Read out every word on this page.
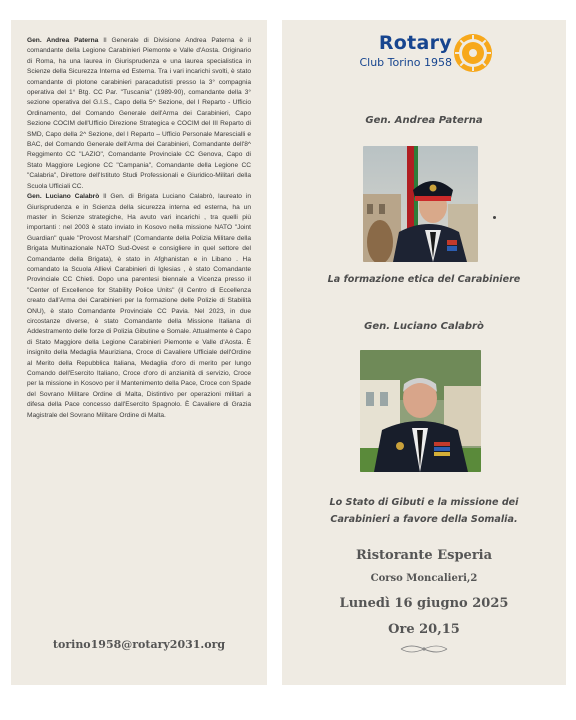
Gen. Andrea Paterna Il Generale di Divisione Andrea Paterna è il comandante della Legione Carabinieri Piemonte e Valle d'Aosta. Originario di Roma, ha una laurea in Giurisprudenza e una laurea specialistica in Scienze della Sicurezza Interna ed Esterna. Tra i vari incarichi svolti, è stato comandante di plotone carabinieri paracadutisti presso la 3° compagnia operativa del 1° Btg. CC Par. "Tuscania" (1989-90), comandante della 3° sezione operativa del G.I.S., Capo della 5^ Sezione, del I Reparto - Ufficio Ordinamento, del Comando Generale dell'Arma dei Carabinieri, Capo Sezione COCIM dell'Ufficio Direzione Strategica e COCIM del III Reparto di SMD, Capo della 2^ Sezione, del I Reparto – Ufficio Personale Marescialli e BAC, del Comando Generale dell'Arma dei Carabinieri, Comandante dell'8^ Reggimento CC "LAZIO", Comandante Provinciale CC Genova, Capo di Stato Maggiore Legione CC "Campania", Comandante della Legione CC "Calabria", Direttore dell'Istituto Studi Professionali e Giuridico-Militari della Scuola Ufficiali CC.

Gen. Luciano Calabrò Il Gen. di Brigata Luciano Calabrò, laureato in Giurisprudenza e in Scienza della sicurezza interna ed esterna, ha un master in Scienze strategiche, Ha avuto vari incarichi , tra quelli più importanti : nel 2003 è stato inviato in Kosovo nella missione NATO "Joint Guardian" quale "Provost Marshall" (Comandante della Polizia Militare della Brigata Multinazionale NATO Sud-Ovest e consigliere in quel settore del Comandante della Brigata), è stato in Afghanistan e in Libano . Ha comandato la Scuola Allievi Carabinieri di Iglesias , è stato Comandante Provinciale CC Chieti. Dopo una parentesi biennale a Vicenza presso il "Center of Excellence for Stability Police Units" (il Centro di Eccellenza creato dall'Arma dei Carabinieri per la formazione delle Polizie di Stabilità ONU), è stato Comandante Provinciale CC Pavia. Nel 2023, in due circostanze diverse, è stato Comandante della Missione Italiana di Addestramento delle forze di Polizia Gibutine e Somale. Attualmente è Capo di Stato Maggiore della Legione Carabinieri Piemonte e Valle d'Aosta. È insignito della Medaglia Mauriziana, Croce di Cavaliere Ufficiale dell'Ordine al Merito della Repubblica Italiana, Medaglia d'oro di merito per lungo Comando dell'Esercito Italiano, Croce d'oro di anzianità di servizio, Croce per la missione in Kosovo per il Mantenimento della Pace, Croce con Spade del Sovrano Militare Ordine di Malta, Distintivo per operazioni militari a difesa della Pace concesso dall'Esercito Spagnolo. È Cavaliere di Grazia Magistrale del Sovrano Militare Ordine di Malta.

torino1958@rotary2031.org
Rotary
Club Torino 1958
Gen. Andrea Paterna
La formazione etica del Carabiniere
Gen. Luciano Calabrò
Lo Stato di Gibuti e la missione dei Carabinieri a favore della Somalia.
Ristorante Esperia
Corso Moncalieri,2
Lunedì 16 giugno 2025
Ore 20,15
